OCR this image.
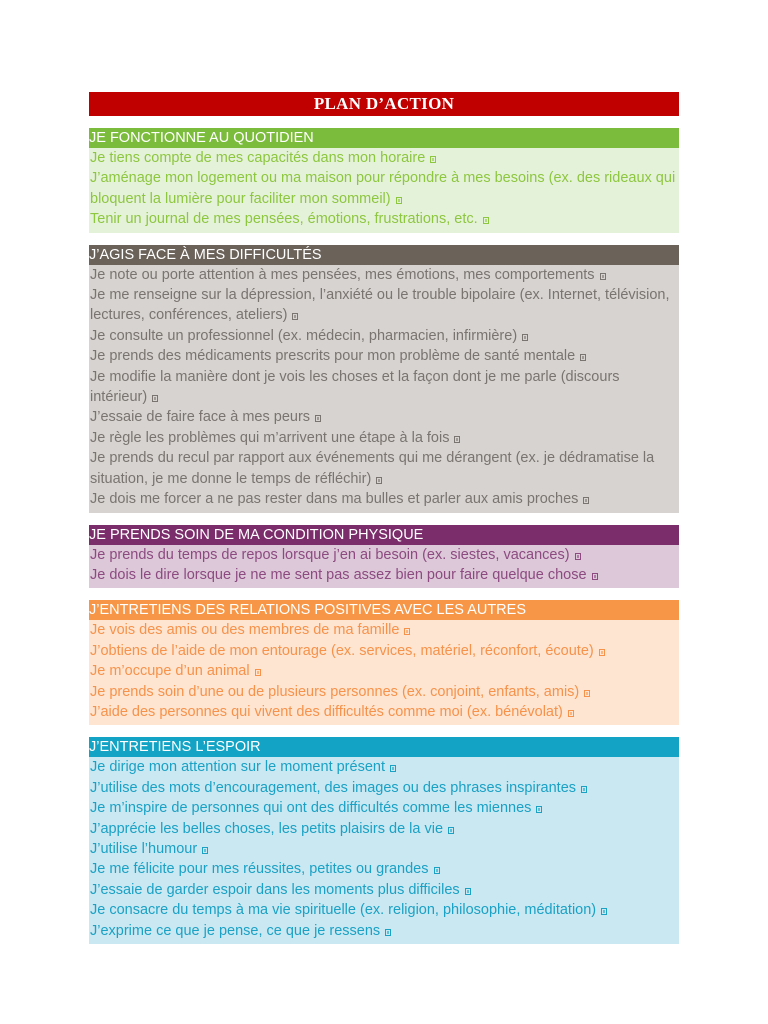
PLAN D’ACTION
JE FONCTIONNE AU QUOTIDIEN
Je tiens compte de mes capacités dans mon horaire
J’aménage mon logement ou ma maison pour répondre à mes besoins (ex. des rideaux qui bloquent la lumière pour faciliter mon sommeil)
Tenir un journal de mes pensées, émotions, frustrations, etc.
J’AGIS FACE À MES DIFFICULTÉS
Je note ou porte attention à mes pensées, mes émotions, mes comportements
Je me renseigne sur la dépression, l’anxiété ou le trouble bipolaire (ex. Internet, télévision, lectures, conférences, ateliers)
Je consulte un professionnel (ex. médecin, pharmacien, infirmière)
Je prends des médicaments prescrits pour mon problème de santé mentale
Je modifie la manière dont je vois les choses et la façon dont je me parle (discours intérieur)
J’essaie de faire face à mes peurs
Je règle les problèmes qui m’arrivent une étape à la fois
Je prends du recul par rapport aux événements qui me dérangent (ex. je dédramatise la situation, je me donne le temps de réfléchir)
Je dois me forcer a ne pas rester dans ma bulles et parler aux amis proches
JE PRENDS SOIN DE MA CONDITION PHYSIQUE
Je prends du temps de repos lorsque j’en ai besoin (ex. siestes, vacances)
Je dois le dire lorsque je ne me sent pas assez bien pour faire quelque chose
J’ENTRETIENS DES RELATIONS POSITIVES AVEC LES AUTRES
Je vois des amis ou des membres de ma famille
J’obtiens de l’aide de mon entourage (ex. services, matériel, réconfort, écoute)
Je m’occupe d’un animal
Je prends soin d’une ou de plusieurs personnes (ex. conjoint, enfants, amis)
J’aide des personnes qui vivent des difficultés comme moi (ex. bénévolat)
J’ENTRETIENS L’ESPOIR
Je dirige mon attention sur le moment présent
J’utilise des mots d’encouragement, des images ou des phrases inspirantes
Je m’inspire de personnes qui ont des difficultés comme les miennes
J’apprécie les belles choses, les petits plaisirs de la vie
J’utilise l’humour
Je me félicite pour mes réussites, petites ou grandes
J’essaie de garder espoir dans les moments plus difficiles
Je consacre du temps à ma vie spirituelle (ex. religion, philosophie, méditation)
J’exprime ce que je pense, ce que je ressens
